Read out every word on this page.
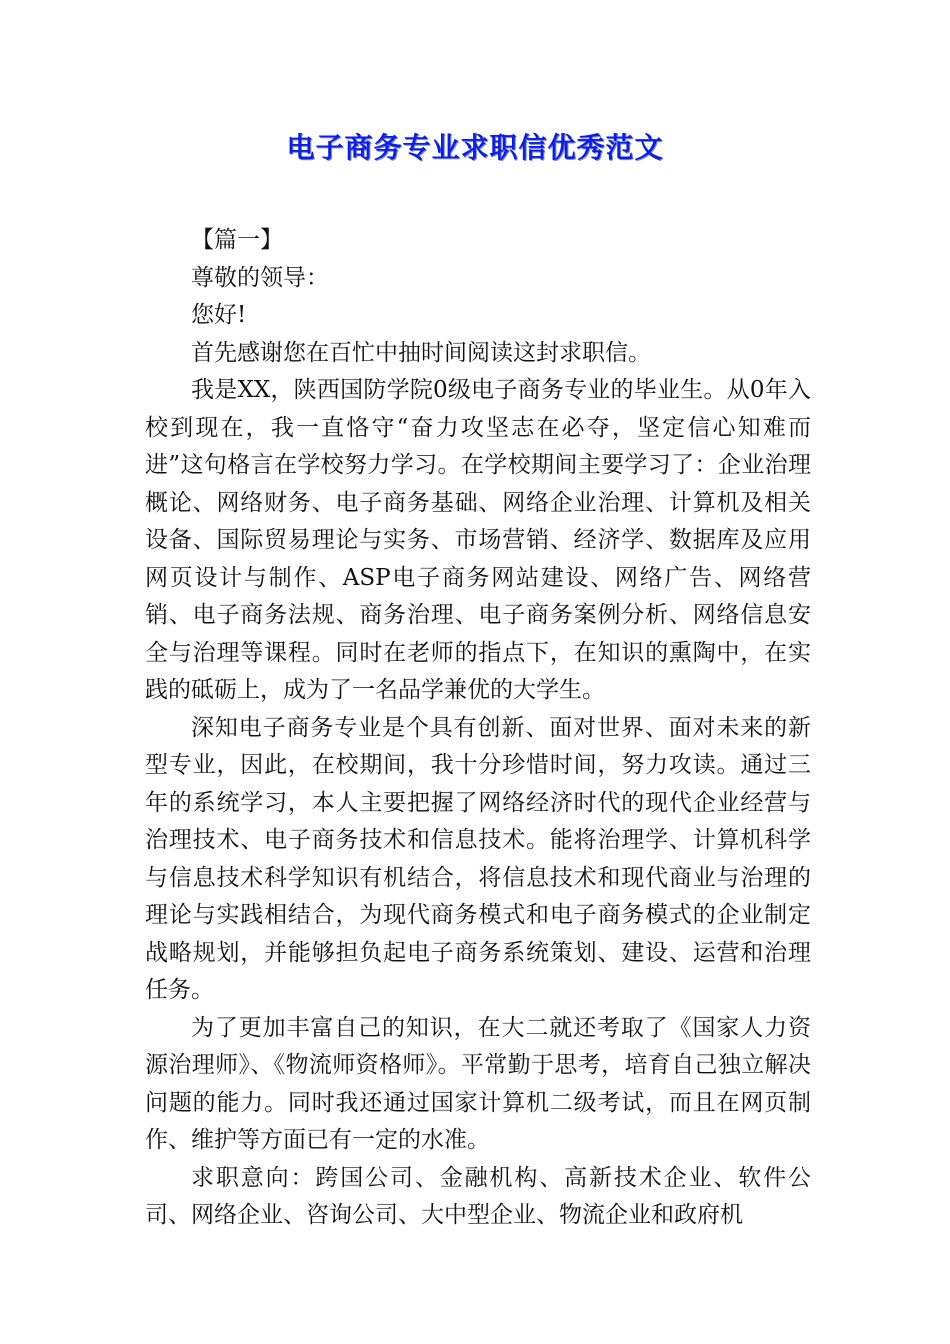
电子商务专业求职信优秀范文

【篇一】

尊敬的领导：

您好!

首先感谢您在百忙中抽时间阅读这封求职信。

我是XX，陕西国防学院0级电子商务专业的毕业生。从0年入校到现在，我一直恪守“奋力攻坚志在必夺，坚定信心知难而进”这句格言在学校努力学习。在学校期间主要学习了：企业治理概论、网络财务、电子商务基础、网络企业治理、计算机及相关设备、国际贸易理论与实务、市场营销、经济学、数据库及应用网页设计与制作、ASP电子商务网站建设、网络广告、网络营销、电子商务法规、商务治理、电子商务案例分析、网络信息安全与治理等课程。同时在老师的指点下，在知识的熏陶中，在实践的砥砺上，成为了一名品学兼优的大学生。

深知电子商务专业是个具有创新、面对世界、面对未来的新型专业，因此，在校期间，我十分珍惜时间，努力攻读。通过三年的系统学习，本人主要把握了网络经济时代的现代企业经营与治理技术、电子商务技术和信息技术。能将治理学、计算机科学与信息技术科学知识有机结合，将信息技术和现代商业与治理的理论与实践相结合，为现代商务模式和电子商务模式的企业制定战略规划，并能够担负起电子商务系统策划、建设、运营和治理任务。

为了更加丰富自己的知识，在大二就还考取了《国家人力资源治理师》、《物流师资格师》。平常勤于思考，培育自己独立解决问题的能力。同时我还通过国家计算机二级考试，而且在网页制作、维护等方面已有一定的水准。

求职意向：跨国公司、金融机构、高新技术企业、软件公司、网络企业、咨询公司、大中型企业、物流企业和政府机
